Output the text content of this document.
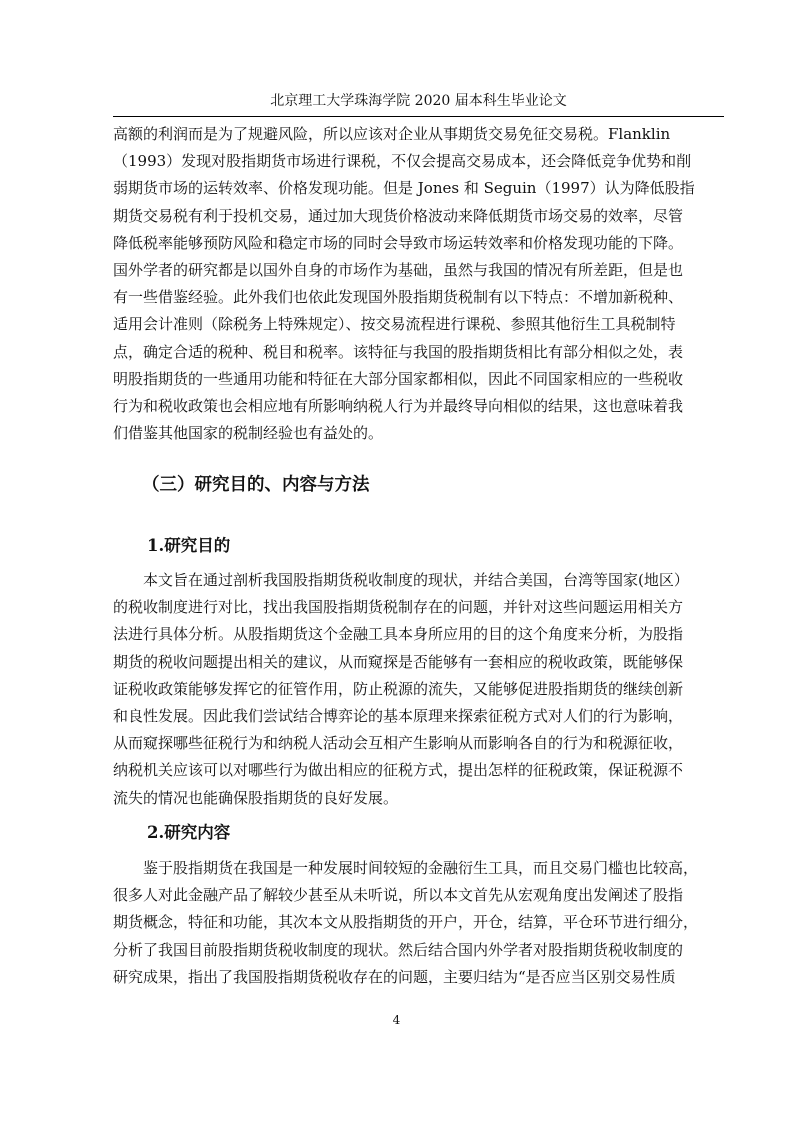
北京理工大学珠海学院 2020 届本科生毕业论文

高额的利润而是为了规避风险，所以应该对企业从事期货交易免征交易税。Flanklin
（1993）发现对股指期货市场进行课税，不仅会提高交易成本，还会降低竞争优势和削
弱期货市场的运转效率、价格发现功能。但是 Jones 和 Seguin（1997）认为降低股指
期货交易税有利于投机交易，通过加大现货价格波动来降低期货市场交易的效率，尽管
降低税率能够预防风险和稳定市场的同时会导致市场运转效率和价格发现功能的下降。
国外学者的研究都是以国外自身的市场作为基础，虽然与我国的情况有所差距，但是也
有一些借鉴经验。此外我们也依此发现国外股指期货税制有以下特点：不增加新税种、
适用会计准则（除税务上特殊规定）、按交易流程进行课税、参照其他衍生工具税制特
点，确定合适的税种、税目和税率。该特征与我国的股指期货相比有部分相似之处，表
明股指期货的一些通用功能和特征在大部分国家都相似，因此不同国家相应的一些税收
行为和税收政策也会相应地有所影响纳税人行为并最终导向相似的结果，这也意味着我
们借鉴其他国家的税制经验也有益处的。

（三）研究目的、内容与方法
1.研究目的

本文旨在通过剖析我国股指期货税收制度的现状，并结合美国，台湾等国家(地区）
的税收制度进行对比，找出我国股指期货税制存在的问题，并针对这些问题运用相关方
法进行具体分析。从股指期货这个金融工具本身所应用的目的这个角度来分析，为股指
期货的税收问题提出相关的建议，从而窥探是否能够有一套相应的税收政策，既能够保
证税收政策能够发挥它的征管作用，防止税源的流失，又能够促进股指期货的继续创新
和良性发展。因此我们尝试结合博弈论的基本原理来探索征税方式对人们的行为影响，
从而窥探哪些征税行为和纳税人活动会互相产生影响从而影响各自的行为和税源征收，
纳税机关应该可以对哪些行为做出相应的征税方式，提出怎样的征税政策，保证税源不
流失的情况也能确保股指期货的良好发展。

2.研究内容

鉴于股指期货在我国是一种发展时间较短的金融衍生工具，而且交易门槛也比较高，
很多人对此金融产品了解较少甚至从未听说，所以本文首先从宏观角度出发阐述了股指
期货概念，特征和功能，其次本文从股指期货的开户，开仓，结算，平仓环节进行细分，
分析了我国目前股指期货税收制度的现状。然后结合国内外学者对股指期货税收制度的
研究成果，指出了我国股指期货税收存在的问题，主要归结为“是否应当区别交易性质

4
